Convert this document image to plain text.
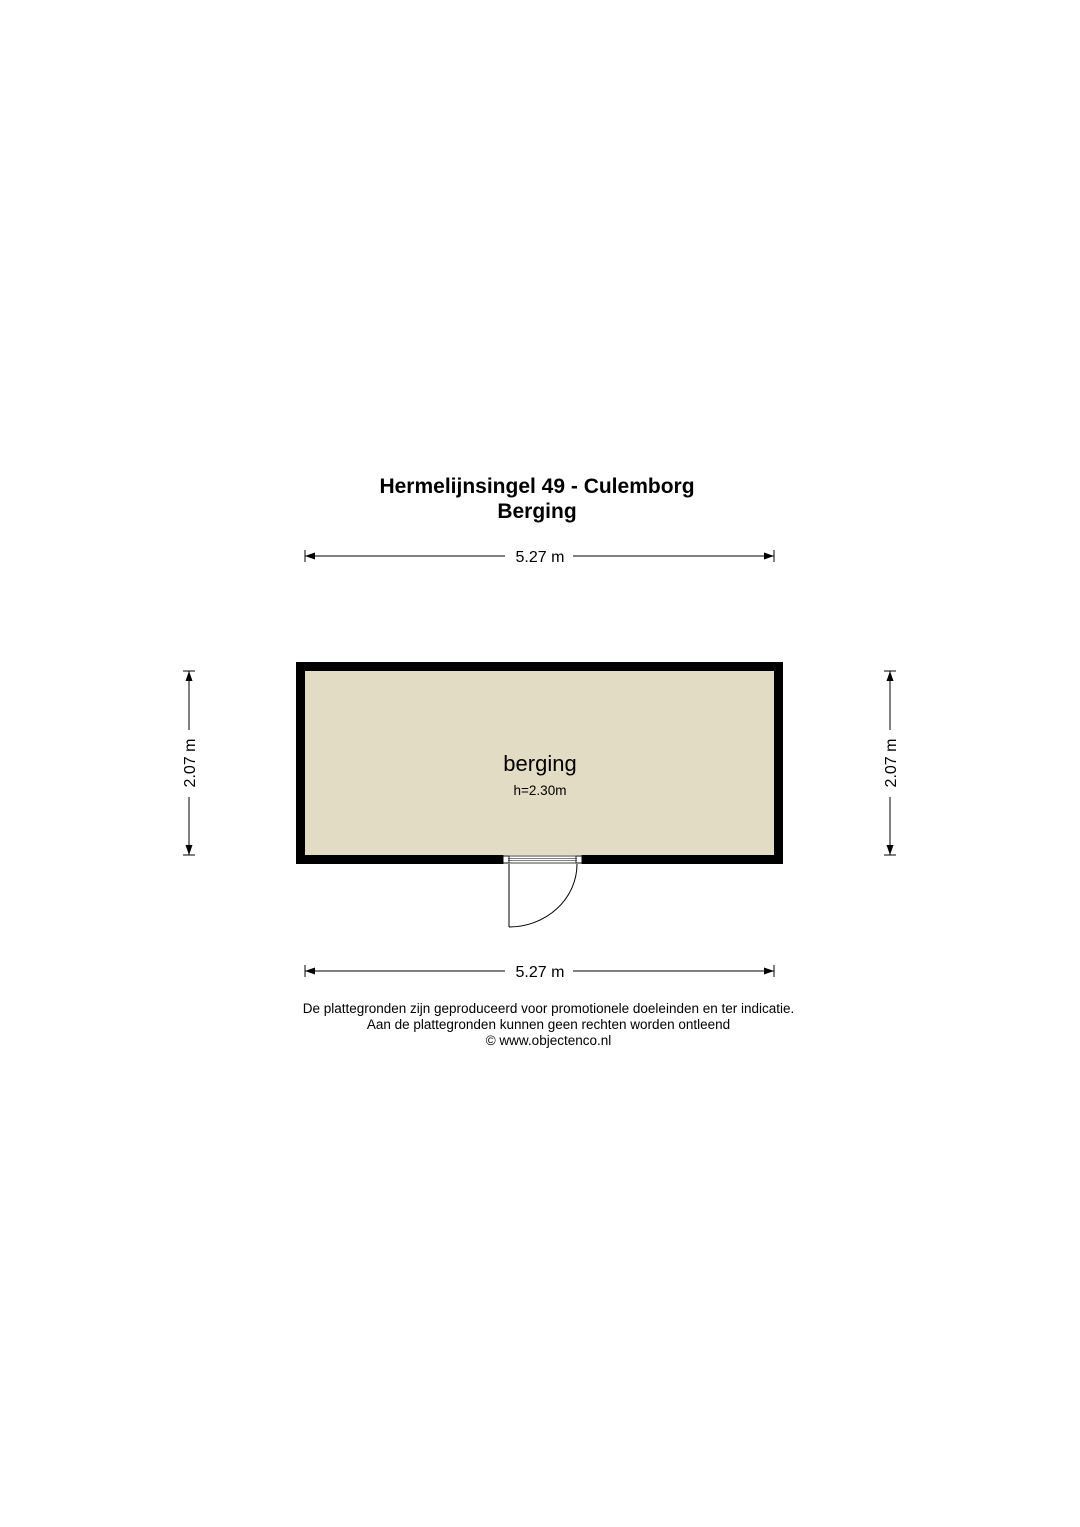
Hermelijnsingel 49 - Culemborg
Berging
berging
h=2.30m
5.27 m
5.27 m
2.07 m	2.07 m
De plattegronden zijn geproduceerd voor promotionele doeleinden en ter indicatie.
Aan de plattegronden kunnen geen rechten worden ontleend
© www.objectenco.nl
